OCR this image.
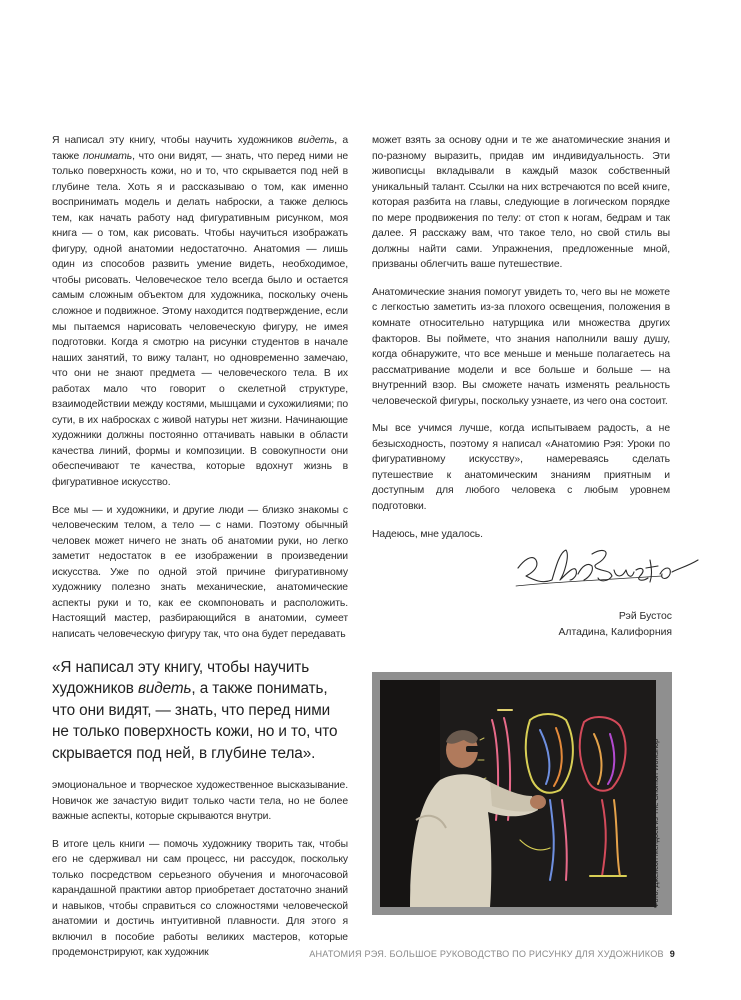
Я написал эту книгу, чтобы научить художников видеть, а также понимать, что они видят, — знать, что перед ними не только поверхность кожи, но и то, что скрывается под ней в глубине тела. Хоть я и рассказываю о том, как именно воспринимать модель и делать наброски, а также делюсь тем, как начать работу над фигуративным рисунком, моя книга — о том, как рисовать. Чтобы научиться изображать фигуру, одной анатомии недостаточно. Анатомия — лишь один из способов развить умение видеть, необходимое, чтобы рисовать. Человеческое тело всегда было и остается самым сложным объектом для художника, поскольку очень сложное и подвижное. Этому находится подтверждение, если мы пытаемся нарисовать человеческую фигуру, не имея подготовки. Когда я смотрю на рисунки студентов в начале наших занятий, то вижу талант, но одновременно замечаю, что они не знают предмета — человеческого тела. В их работах мало что говорит о скелетной структуре, взаимодействии между костями, мышцами и сухожилиями; по сути, в их набросках с живой натуры нет жизни. Начинающие художники должны постоянно оттачивать навыки в области качества линий, формы и композиции. В совокупности они обеспечивают те качества, которые вдохнут жизнь в фигуративное искусство.

Все мы — и художники, и другие люди — близко знакомы с человеческим телом, а тело — с нами. Поэтому обычный человек может ничего не знать об анатомии руки, но легко заметит недостаток в ее изображении в произведении искусства. Уже по одной этой причине фигуративному художнику полезно знать механические, анатомические аспекты руки и то, как ее скомпоновать и расположить. Настоящий мастер, разбирающийся в анатомии, сумеет написать человеческую фигуру так, что она будет передавать

«Я написал эту книгу, чтобы научить художников видеть, а также понимать, что они видят, — знать, что перед ними не только поверхность кожи, но и то, что скрывается под ней, в глубине тела».

эмоциональное и творческое художественное высказывание. Новичок же зачастую видит только части тела, но не более важные аспекты, которые скрываются внутри.

В итоге цель книги — помочь художнику творить так, чтобы его не сдерживал ни сам процесс, ни рассудок, поскольку только посредством серьезного обучения и многочасовой карандашной практики автор приобретает достаточно знаний и навыков, чтобы справиться со сложностями человеческой анатомии и достичь интуитивной плавности. Для этого я включил в пособие работы великих мастеров, которые продемонстрируют, как художник

может взять за основу одни и те же анатомические знания и по-разному выразить, придав им индивидуальность. Эти живописцы вкладывали в каждый мазок собственный уникальный талант. Ссылки на них встречаются по всей книге, которая разбита на главы, следующие в логическом порядке по мере продвижения по телу: от стоп к ногам, бедрам и так далее. Я расскажу вам, что такое тело, но свой стиль вы должны найти сами. Упражнения, предложенные мной, призваны облегчить ваше путешествие.

Анатомические знания помогут увидеть то, чего вы не можете с легкостью заметить из-за плохого освещения, положения в комнате относительно натурщика или множества других факторов. Вы поймете, что знания наполнили вашу душу, когда обнаружите, что все меньше и меньше полагаетесь на рассматривание модели и все больше и больше — на внутренний взор. Вы сможете начать изменять реальность человеческой фигуры, поскольку узнаете, из чего она состоит.

Мы все учимся лучше, когда испытываем радость, а не безысходность, поэтому я написал «Анатомию Рэя: Уроки по фигуративному искусству», намереваясь сделать путешествие к анатомическим знаниям приятным и доступным для любого человека с любым уровнем подготовки.

Надеюсь, мне удалось.

Рэй Бустос
Алтадина, Калифорния
Фото: Джейсон Мендоса из The Gnomon Workshop
АНАТОМИЯ РЭЯ. БОЛЬШОЕ РУКОВОДСТВО ПО РИСУНКУ ДЛЯ ХУДОЖНИКОВ 9
